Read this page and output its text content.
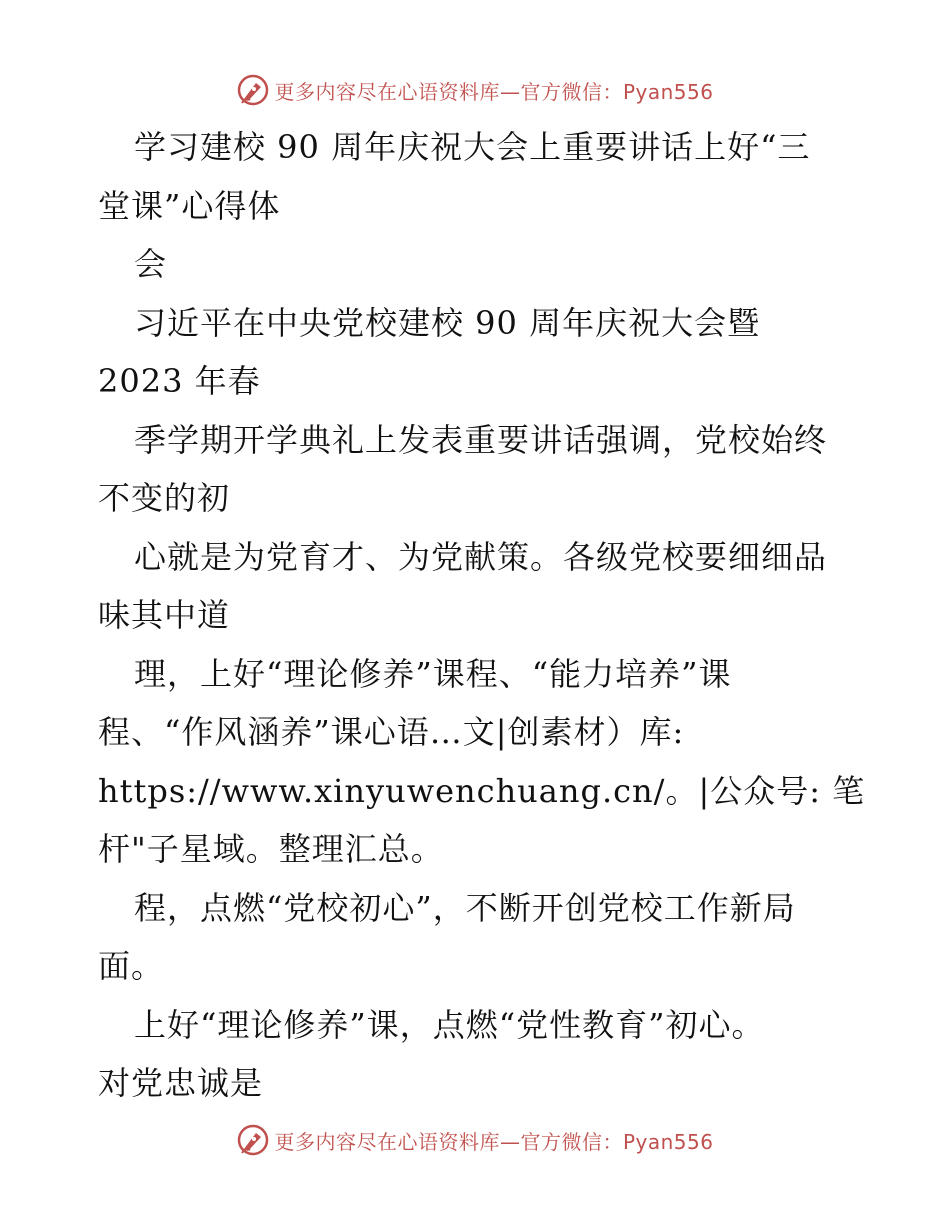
更多内容尽在心语资料库—官方微信：Pyan556
学习建校 90 周年庆祝大会上重要讲话上好“三
堂课”心得体
会
习近平在中央党校建校 90 周年庆祝大会暨
2023 年春
季学期开学典礼上发表重要讲话强调，党校始终
不变的初
心就是为党育才、为党献策。各级党校要细细品
味其中道
理，上好“理论修养”课程、“能力培养”课
程、“作风涵养”课心语…文|创素材）库:
https://www.xinyuwenchuang.cn/。|公众号: 笔
杆"子星域。整理汇总。
程，点燃“党校初心”，不断开创党校工作新局
面。
上好“理论修养”课，点燃“党性教育”初心。
对党忠诚是
更多内容尽在心语资料库—官方微信：Pyan556
